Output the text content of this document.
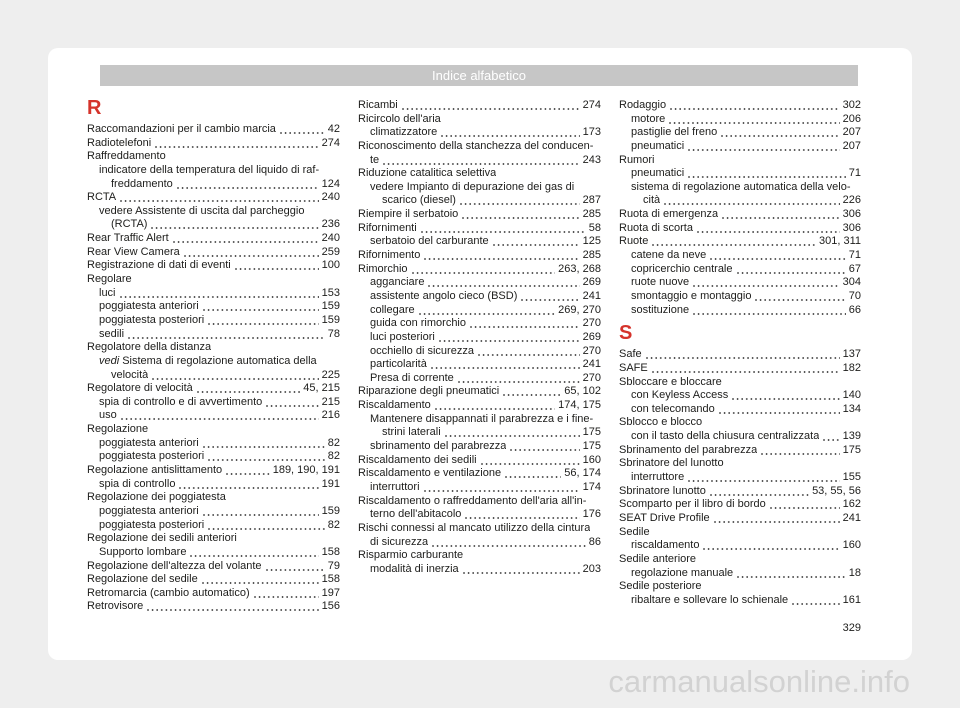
Indice alfabetico
R
Raccomandazioni per il cambio marcia	42
Radiotelefoni	274
Raffreddamento
indicatore della temperatura del liquido di raf-
freddamento	124
RCTA	240
vedere Assistente di uscita dal parcheggio
(RCTA)	236
Rear Traffic Alert	240
Rear View Camera	259
Registrazione di dati di eventi	100
Regolare
luci	153
poggiatesta anteriori	159
poggiatesta posteriori	159
sedili	78
Regolatore della distanza
vedi Sistema di regolazione automatica della
velocità	225
Regolatore di velocità	45, 215
spia di controllo e di avvertimento	215
uso	216
Regolazione
poggiatesta anteriori	82
poggiatesta posteriori	82
Regolazione antislittamento	189, 190, 191
spia di controllo	191
Regolazione dei poggiatesta
poggiatesta anteriori	159
poggiatesta posteriori	82
Regolazione dei sedili anteriori
Supporto lombare	158
Regolazione dell'altezza del volante	79
Regolazione del sedile	158
Retromarcia (cambio automatico)	197
Retrovisore	156
Ricambi	274
Ricircolo dell'aria
climatizzatore	173
Riconoscimento della stanchezza del conducen-
te	243
Riduzione catalitica selettiva
vedere Impianto di depurazione dei gas di
scarico (diesel)	287
Riempire il serbatoio	285
Rifornimenti	58
serbatoio del carburante	125
Rifornimento	285
Rimorchio	263, 268
agganciare	269
assistente angolo cieco (BSD)	241
collegare	269, 270
guida con rimorchio	270
luci posteriori	269
occhiello di sicurezza	270
particolarità	241
Presa di corrente	270
Riparazione degli pneumatici	65, 102
Riscaldamento	174, 175
Mantenere disappannati il parabrezza e i fine-
strini laterali	175
sbrinamento del parabrezza	175
Riscaldamento dei sedili	160
Riscaldamento e ventilazione	56, 174
interruttori	174
Riscaldamento o raffreddamento dell'aria all'in-
terno dell'abitacolo	176
Rischi connessi al mancato utilizzo della cintura
di sicurezza	86
Risparmio carburante
modalità di inerzia	203
Rodaggio	302
motore	206
pastiglie del freno	207
pneumatici	207
Rumori
pneumatici	71
sistema di regolazione automatica della velo-
cità	226
Ruota di emergenza	306
Ruota di scorta	306
Ruote	301, 311
catene da neve	71
copricerchio centrale	67
ruote nuove	304
smontaggio e montaggio	70
sostituzione	66
S
Safe	137
SAFE	182
Sbloccare e bloccare
con Keyless Access	140
con telecomando	134
Sblocco e blocco
con il tasto della chiusura centralizzata 139
Sbrinamento del parabrezza	175
Sbrinatore del lunotto
interruttore	155
Sbrinatore lunotto	53, 55, 56
Scomparto per il libro di bordo	162
SEAT Drive Profile	241
Sedile
riscaldamento	160
Sedile anteriore
regolazione manuale	18
Sedile posteriore
ribaltare e sollevare lo schienale	161
329
carmanualsonline.info
